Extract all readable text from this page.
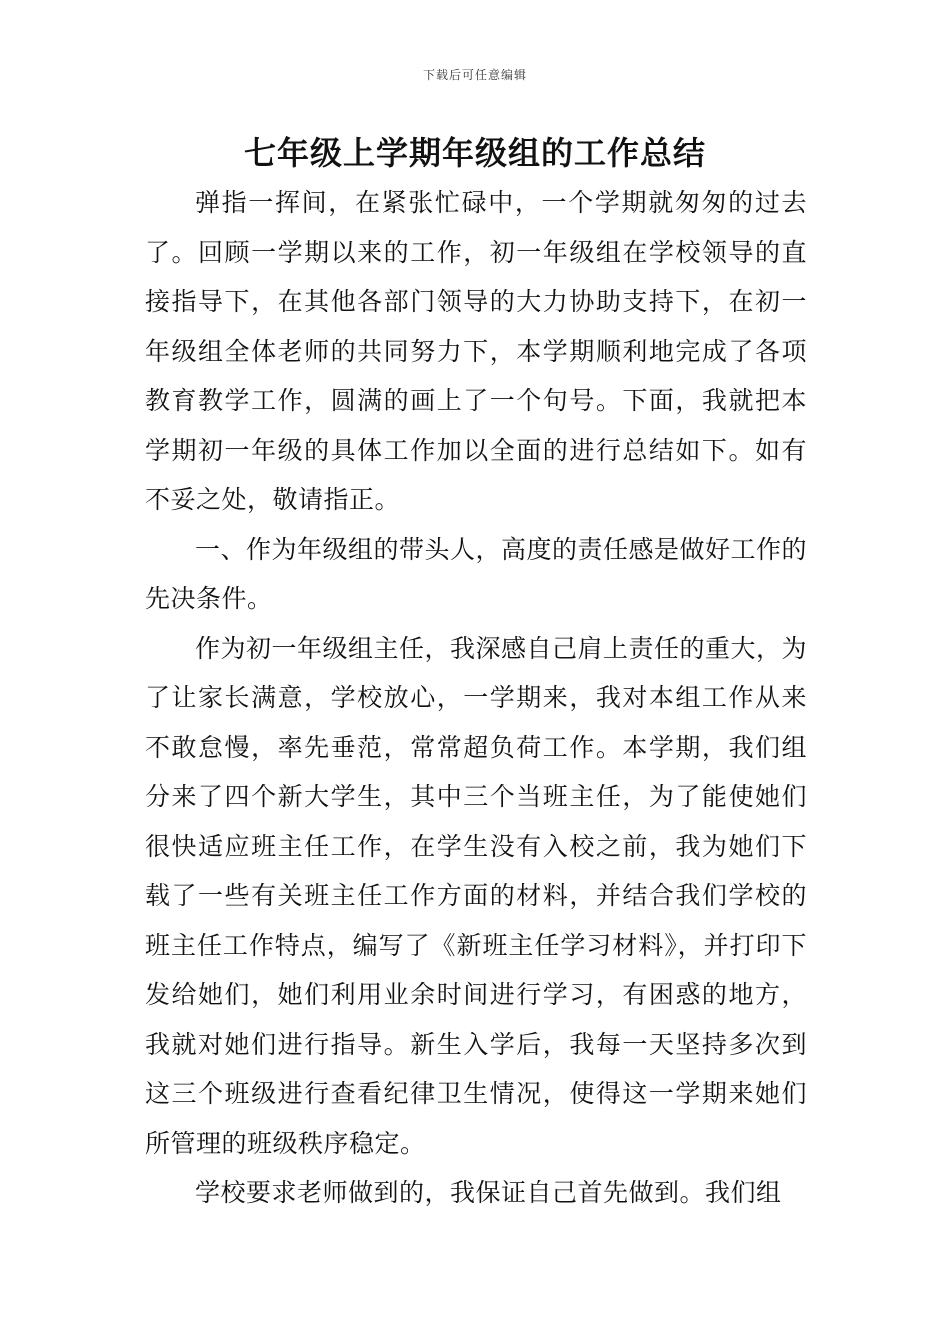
下载后可任意编辑
七年级上学期年级组的工作总结

弹指一挥间，在紧张忙碌中，一个学期就匆匆的过去了。回顾一学期以来的工作，初一年级组在学校领导的直接指导下，在其他各部门领导的大力协助支持下，在初一年级组全体老师的共同努力下，本学期顺利地完成了各项教育教学工作，圆满的画上了一个句号。下面，我就把本学期初一年级的具体工作加以全面的进行总结如下。如有不妥之处，敬请指正。

一、作为年级组的带头人，高度的责任感是做好工作的先决条件。

作为初一年级组主任，我深感自己肩上责任的重大，为了让家长满意，学校放心，一学期来，我对本组工作从来不敢怠慢，率先垂范，常常超负荷工作。本学期，我们组分来了四个新大学生，其中三个当班主任，为了能使她们很快适应班主任工作，在学生没有入校之前，我为她们下载了一些有关班主任工作方面的材料，并结合我们学校的班主任工作特点，编写了《新班主任学习材料》，并打印下发给她们，她们利用业余时间进行学习，有困惑的地方，我就对她们进行指导。新生入学后，我每一天坚持多次到这三个班级进行查看纪律卫生情况，使得这一学期来她们所管理的班级秩序稳定。

学校要求老师做到的，我保证自己首先做到。我们组
